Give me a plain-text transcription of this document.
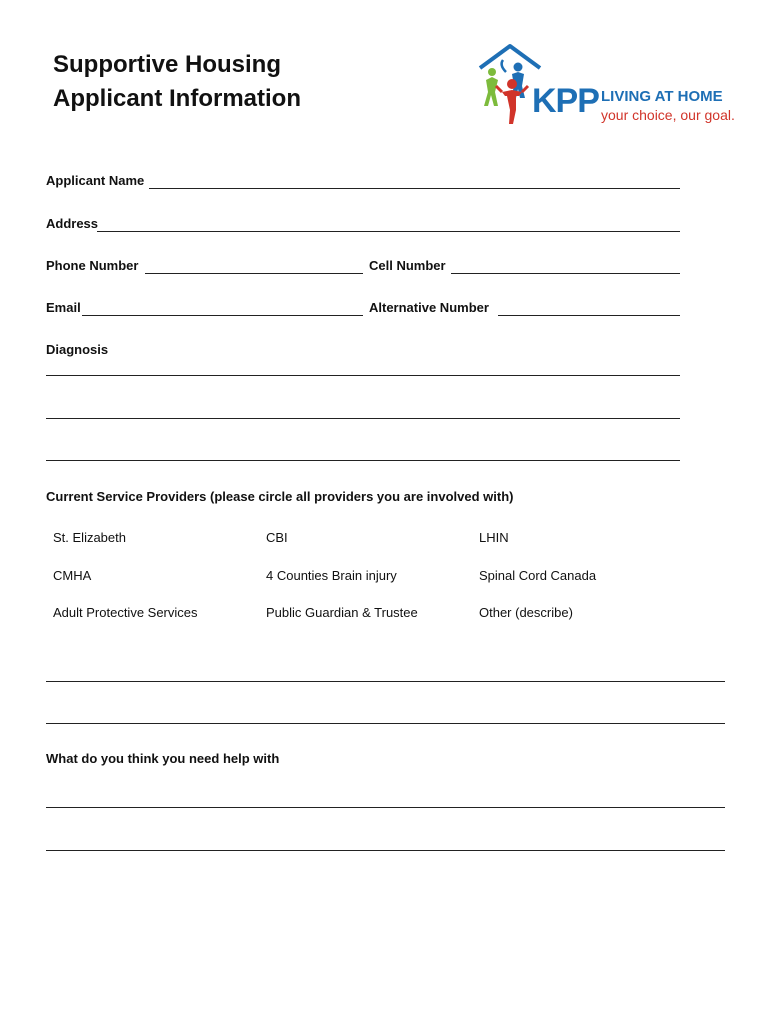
Supportive Housing
Applicant Information	KPP LIVING AT HOME
your choice, our goal.
Applicant Name
Address
Phone Number	Cell Number
Email	Alternative Number
Diagnosis
Current Service Providers (please circle all providers you are involved with)
St. Elizabeth	CBI	LHIN
CMHA	4 Counties Brain injury	Spinal Cord Canada
Adult Protective Services	Public Guardian & Trustee	Other (describe)
What do you think you need help with
